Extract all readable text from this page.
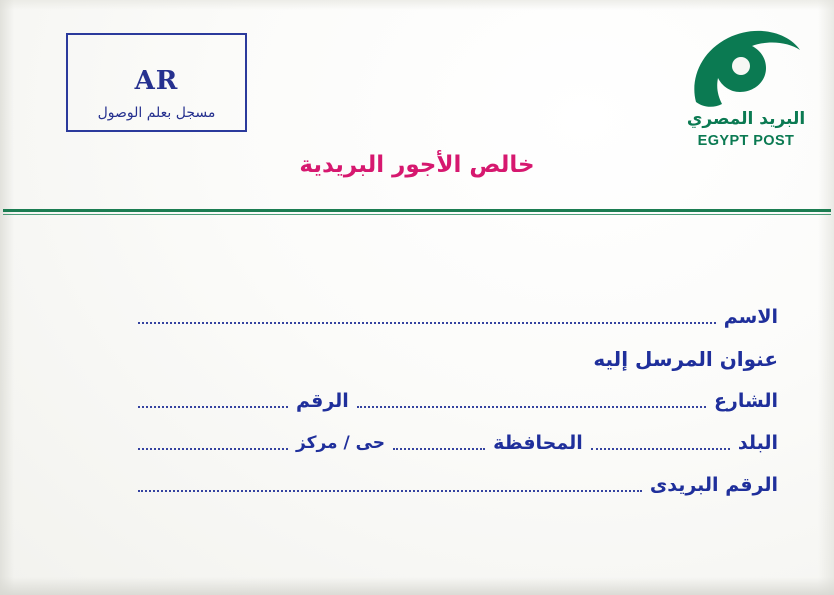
AR
مسجل بعلم الوصول	البريد المصري
EGYPT POST
خالص الأجور البريدية
الاسم
عنوان المرسل إليه
الشارع
الرقم
البلد
المحافظة
حى / مركز
الرقم البريدى
